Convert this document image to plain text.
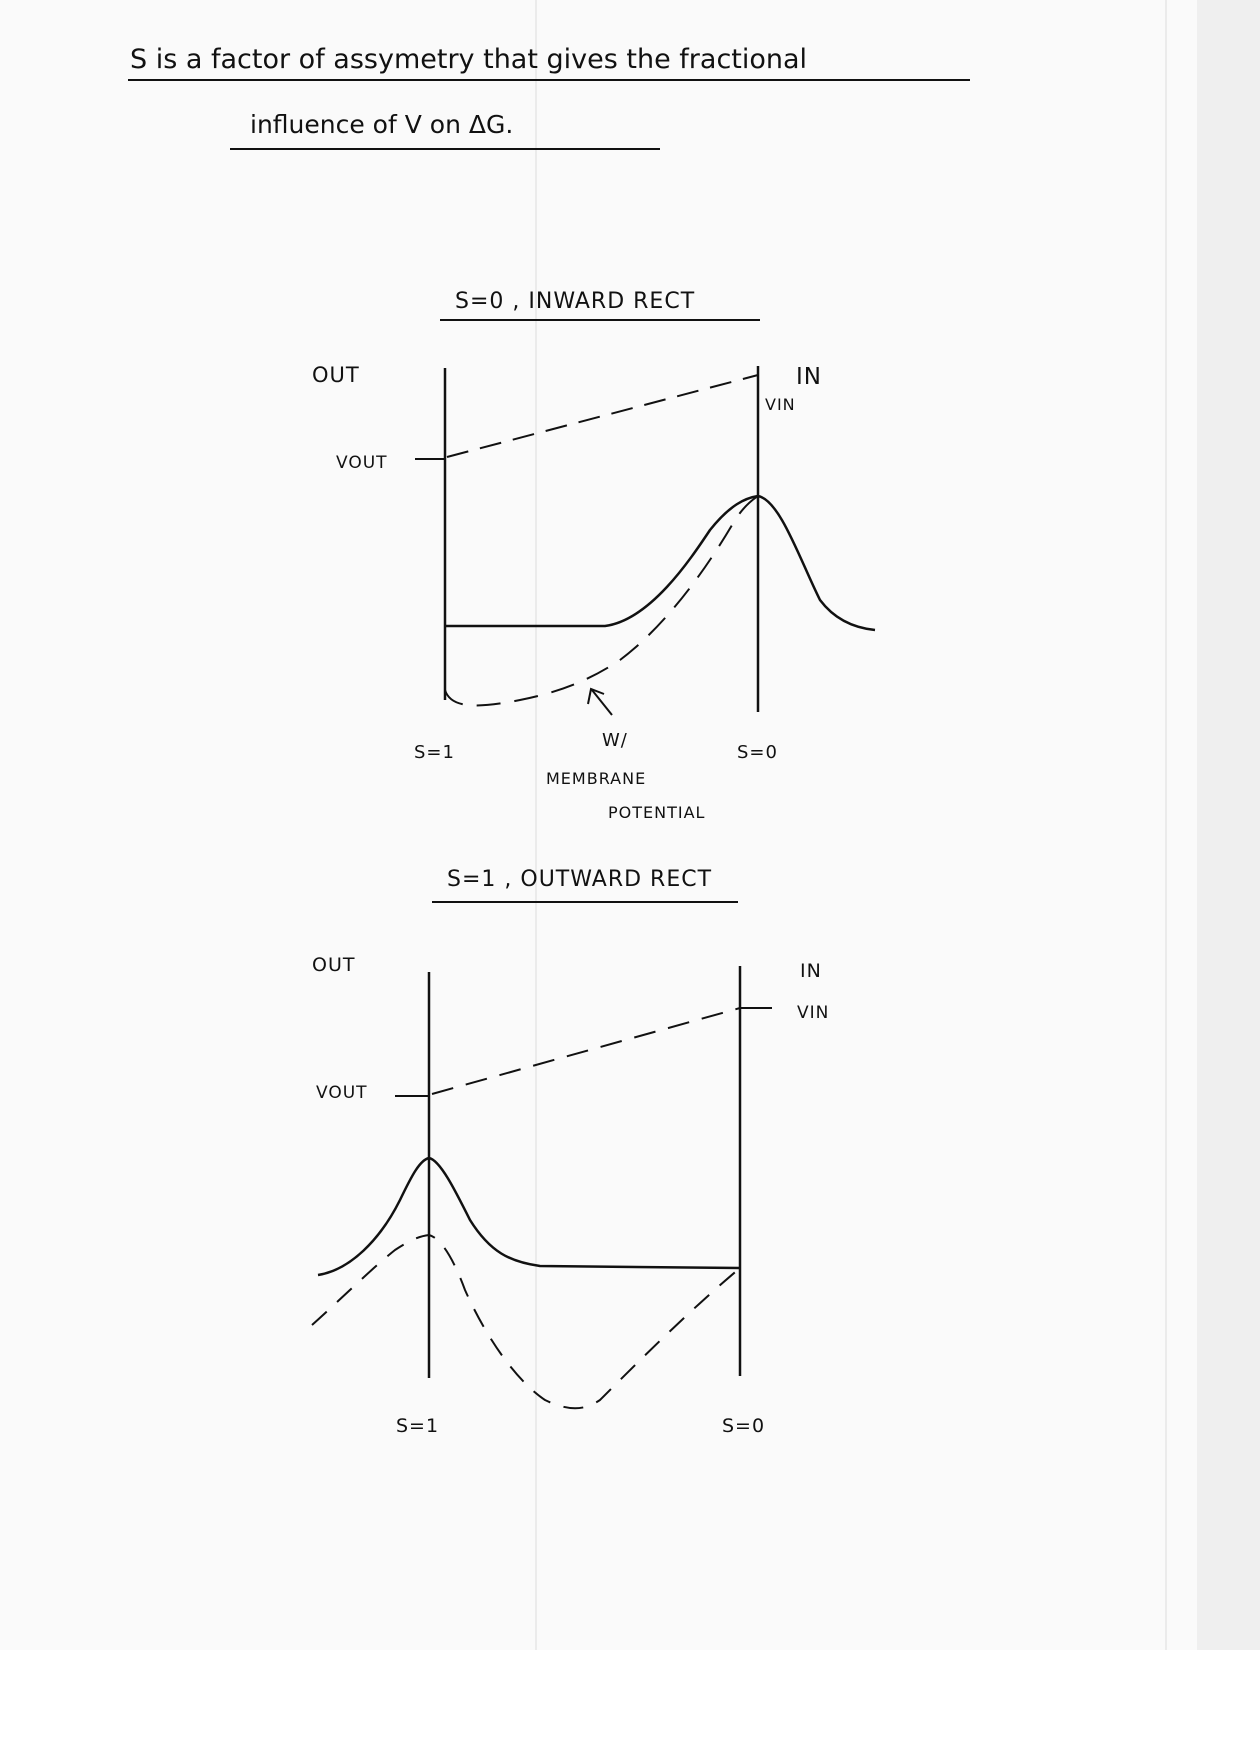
S is a factor of assymetry that gives the fractional
influence of V on ΔG.
S=0 , INWARD RECT
OUT	IN
VIN
VOUT
W/
MEMBRANE
POTENTIAL
S=1	S=0
S=1 , OUTWARD RECT
OUT	IN
VIN
VOUT
S=1	S=0
